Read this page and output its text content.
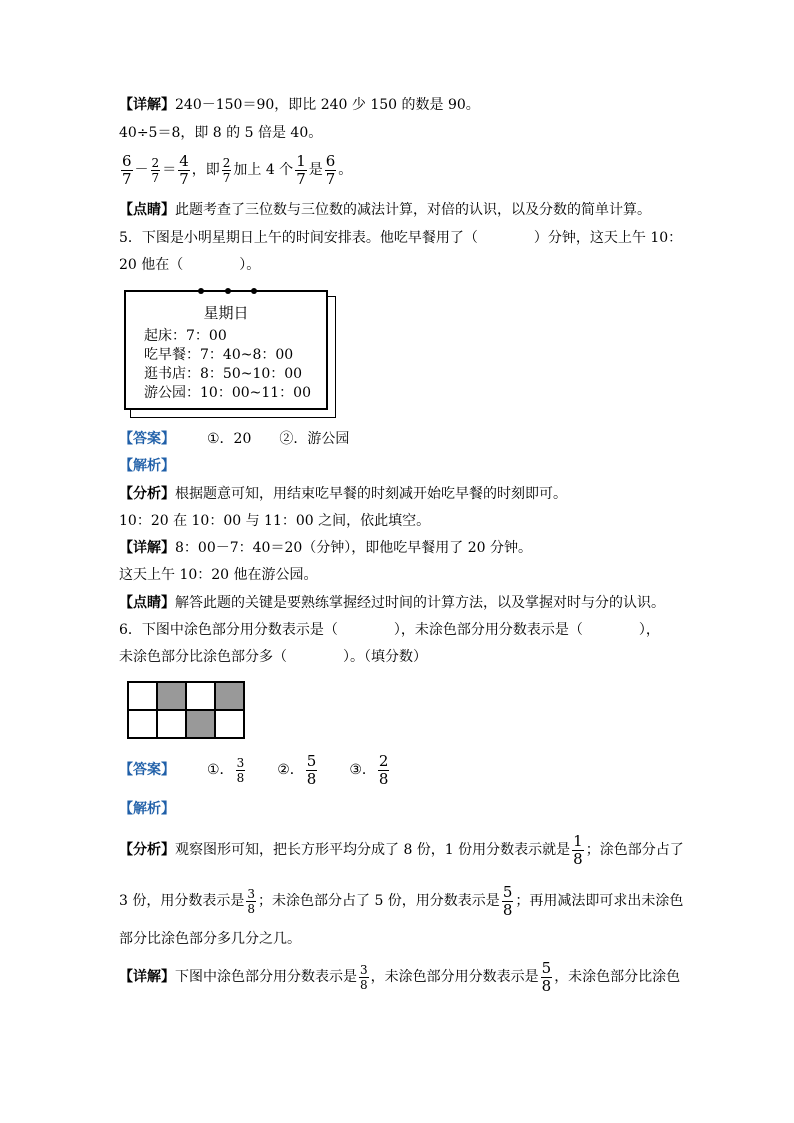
【详解】240－150＝90，即比 240 少 150 的数是 90。
40÷5＝8，即 8 的 5 倍是 40。
$\frac{6}{7} - \frac{2}{7} = \frac{4}{7}$ ，即 $\frac{2}{7}$ 加上 4 个 $\frac{1}{7}$ 是 $\frac{6}{7}$ 。
【点睛】此题考查了三位数与三位数的减法计算，对倍的认识，以及分数的简单计算。
5．下图是小明星期日上午的时间安排表。他吃早餐用了（　　　　）分钟，这天上午 10：
20 他在（　　　　）。
星期日
起床：7：00
吃早餐：7：40~8：00
逛书店：8：50~10：00
游公园：10：00~11：00
【答案】 ①．20 ②．游公园
【解析】
【分析】根据题意可知，用结束吃早餐的时刻减开始吃早餐的时刻即可。
10：20 在 10：00 与 11：00 之间，依此填空。
【详解】8：00－7：40＝20（分钟），即他吃早餐用了 20 分钟。
这天上午 10：20 他在游公园。
【点睛】解答此题的关键是要熟练掌握经过时间的计算方法，以及掌握对时与分的认识。
6．下图中涂色部分用分数表示是（　　　　），未涂色部分用分数表示是（　　　　），
未涂色部分比涂色部分多（　　　　）。（填分数）

【答案】 ①． $\frac{3}{8}$ ②． $\frac{5}{8}$ ③． $\frac{2}{8}$
【解析】
【分析】观察图形可知，把长方形平均分成了 8 份，1 份用分数表示就是 $\frac{1}{8}$ ；涂色部分占了
3 份，用分数表示是 $\frac{3}{8}$ ；未涂色部分占了 5 份，用分数表示是 $\frac{5}{8}$ ；再用减法即可求出未涂色
部分比涂色部分多几分之几。
【详解】下图中涂色部分用分数表示是 $\frac{3}{8}$ ，未涂色部分用分数表示是 $\frac{5}{8}$ ，未涂色部分比涂色
